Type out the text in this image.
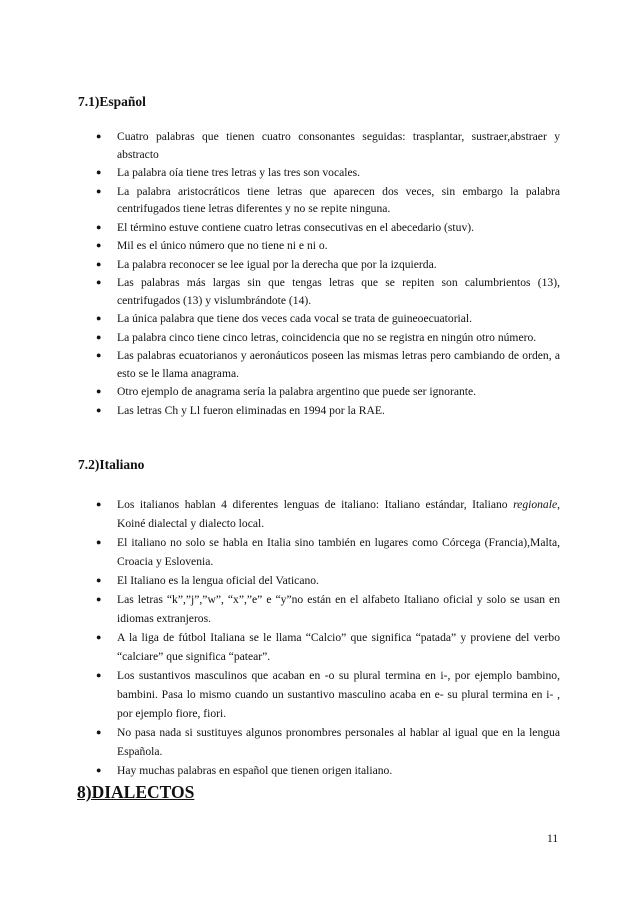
7.1)Español
● Cuatro palabras que tienen cuatro consonantes seguidas: trasplantar, sustraer,abstraer y abstracto
● La palabra oía tiene tres letras y las tres son vocales.
● La palabra aristocráticos tiene letras que aparecen dos veces, sin embargo la palabra centrifugados tiene letras diferentes y no se repite ninguna.
● El término estuve contiene cuatro letras consecutivas en el abecedario (stuv).
● Mil es el único número que no tiene ni e ni o.
● La palabra reconocer se lee igual por la derecha que por la izquierda.
● Las palabras más largas sin que tengas letras que se repiten son calumbrientos (13), centrifugados (13) y vislumbrándote (14).
● La única palabra que tiene dos veces cada vocal se trata de guineoecuatorial.
● La palabra cinco tiene cinco letras, coincidencia que no se registra en ningún otro número.
● Las palabras ecuatorianos y aeronáuticos poseen las mismas letras pero cambiando de orden, a esto se le llama anagrama.
● Otro ejemplo de anagrama sería la palabra argentino que puede ser ignorante.
● Las letras Ch y Ll fueron eliminadas en 1994 por la RAE.
7.2)Italiano
● Los italianos hablan 4 diferentes lenguas de italiano: Italiano estándar, Italiano regionale, Koiné dialectal y dialecto local.
● El italiano no solo se habla en Italia sino también en lugares como Córcega (Francia),Malta, Croacia y Eslovenia.
● El Italiano es la lengua oficial del Vaticano.
● Las letras “k”,”j”,”w”, “x”,”e” e “y”no están en el alfabeto Italiano oficial y solo se usan en idiomas extranjeros.
● A la liga de fútbol Italiana se le llama “Calcio” que significa “patada” y proviene del verbo “calciare” que significa “patear”.
● Los sustantivos masculinos que acaban en -o su plural termina en i-, por ejemplo bambino, bambini. Pasa lo mismo cuando un sustantivo masculino acaba en e- su plural termina en i- , por ejemplo fiore, fiori.
● No pasa nada si sustituyes algunos pronombres personales al hablar al igual que en la lengua Española.
● Hay muchas palabras en español que tienen origen italiano.
8)DIALECTOS
11
